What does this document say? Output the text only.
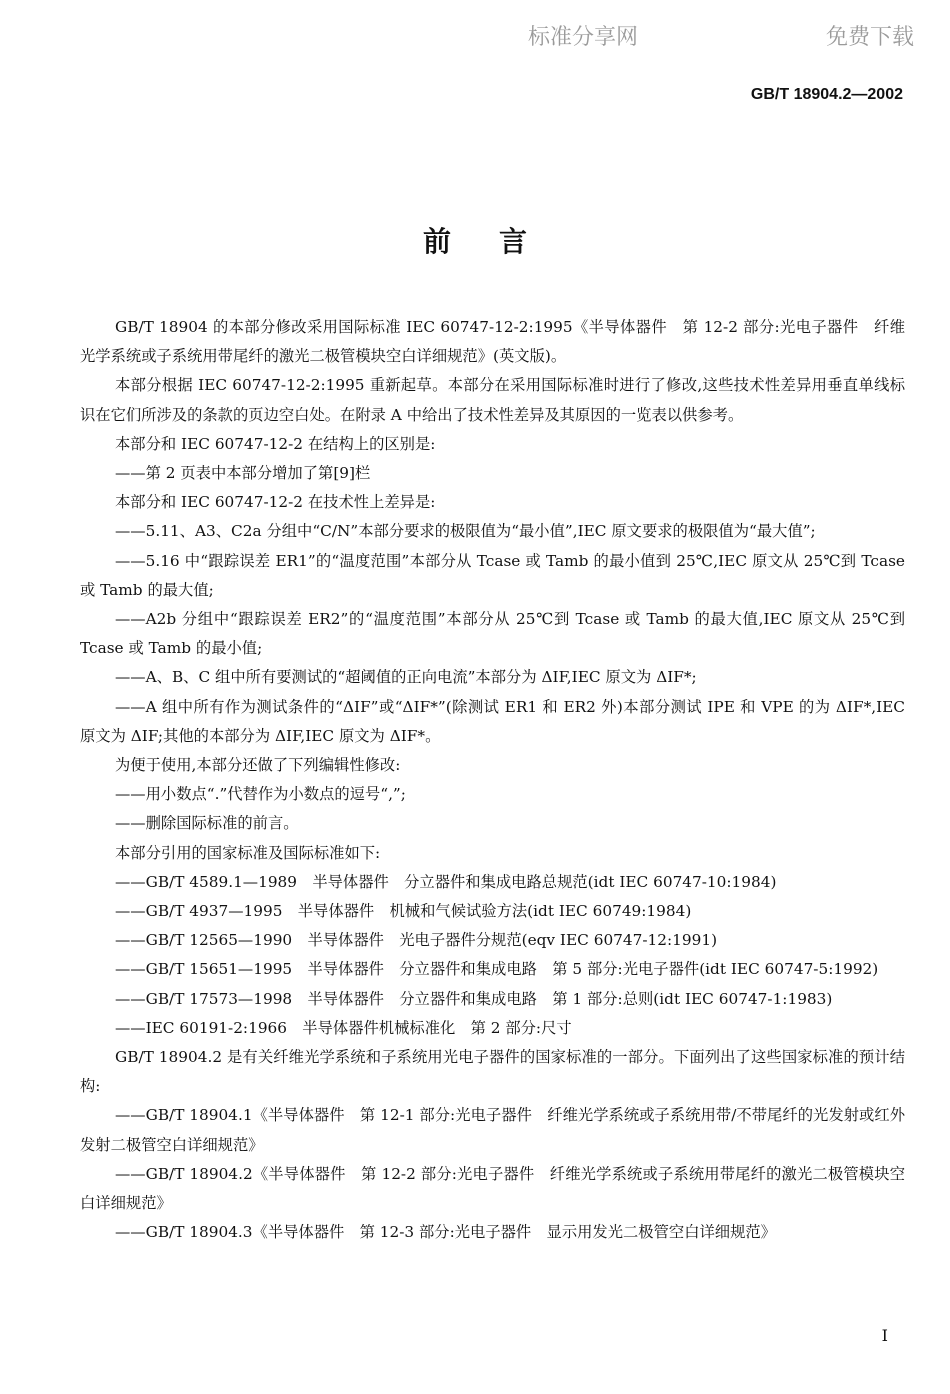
标准分享网	免费下载
GB/T 18904.2—2002
前言

GB/T 18904 的本部分修改采用国际标准 IEC 60747-12-2:1995《半导体器件　第 12-2 部分:光电子器件　纤维光学系统或子系统用带尾纤的激光二极管模块空白详细规范》(英文版)。

本部分根据 IEC 60747-12-2:1995 重新起草。本部分在采用国际标准时进行了修改,这些技术性差异用垂直单线标识在它们所涉及的条款的页边空白处。在附录 A 中给出了技术性差异及其原因的一览表以供参考。

本部分和 IEC 60747-12-2 在结构上的区别是:

——第 2 页表中本部分增加了第[9]栏

本部分和 IEC 60747-12-2 在技术性上差异是:

——5.11、A3、C2a 分组中“C/N”本部分要求的极限值为“最小值”,IEC 原文要求的极限值为“最大值”;

——5.16 中“跟踪误差 ER1”的“温度范围”本部分从 Tcase 或 Tamb 的最小值到 25℃,IEC 原文从 25℃到 Tcase 或 Tamb 的最大值;

——A2b 分组中“跟踪误差 ER2”的“温度范围”本部分从 25℃到 Tcase 或 Tamb 的最大值,IEC 原文从 25℃到 Tcase 或 Tamb 的最小值;

——A、B、C 组中所有要测试的“超阈值的正向电流”本部分为 ΔIF,IEC 原文为 ΔIF*;

——A 组中所有作为测试条件的“ΔIF”或“ΔIF*”(除测试 ER1 和 ER2 外)本部分测试 IPE 和 VPE 的为 ΔIF*,IEC 原文为 ΔIF;其他的本部分为 ΔIF,IEC 原文为 ΔIF*。

为便于使用,本部分还做了下列编辑性修改:

——用小数点“.”代替作为小数点的逗号“,”;

——删除国际标准的前言。

本部分引用的国家标准及国际标准如下:

——GB/T 4589.1—1989　半导体器件　分立器件和集成电路总规范(idt IEC 60747-10:1984)

——GB/T 4937—1995　半导体器件　机械和气候试验方法(idt IEC 60749:1984)

——GB/T 12565—1990　半导体器件　光电子器件分规范(eqv IEC 60747-12:1991)

——GB/T 15651—1995　半导体器件　分立器件和集成电路　第 5 部分:光电子器件(idt IEC 60747-5:1992)

——GB/T 17573—1998　半导体器件　分立器件和集成电路　第 1 部分:总则(idt IEC 60747-1:1983)

——IEC 60191-2:1966　半导体器件机械标准化　第 2 部分:尺寸

GB/T 18904.2 是有关纤维光学系统和子系统用光电子器件的国家标准的一部分。下面列出了这些国家标准的预计结构:

——GB/T 18904.1《半导体器件　第 12-1 部分:光电子器件　纤维光学系统或子系统用带/不带尾纤的光发射或红外发射二极管空白详细规范》

——GB/T 18904.2《半导体器件　第 12-2 部分:光电子器件　纤维光学系统或子系统用带尾纤的激光二极管模块空白详细规范》

——GB/T 18904.3《半导体器件　第 12-3 部分:光电子器件　显示用发光二极管空白详细规范》

I
